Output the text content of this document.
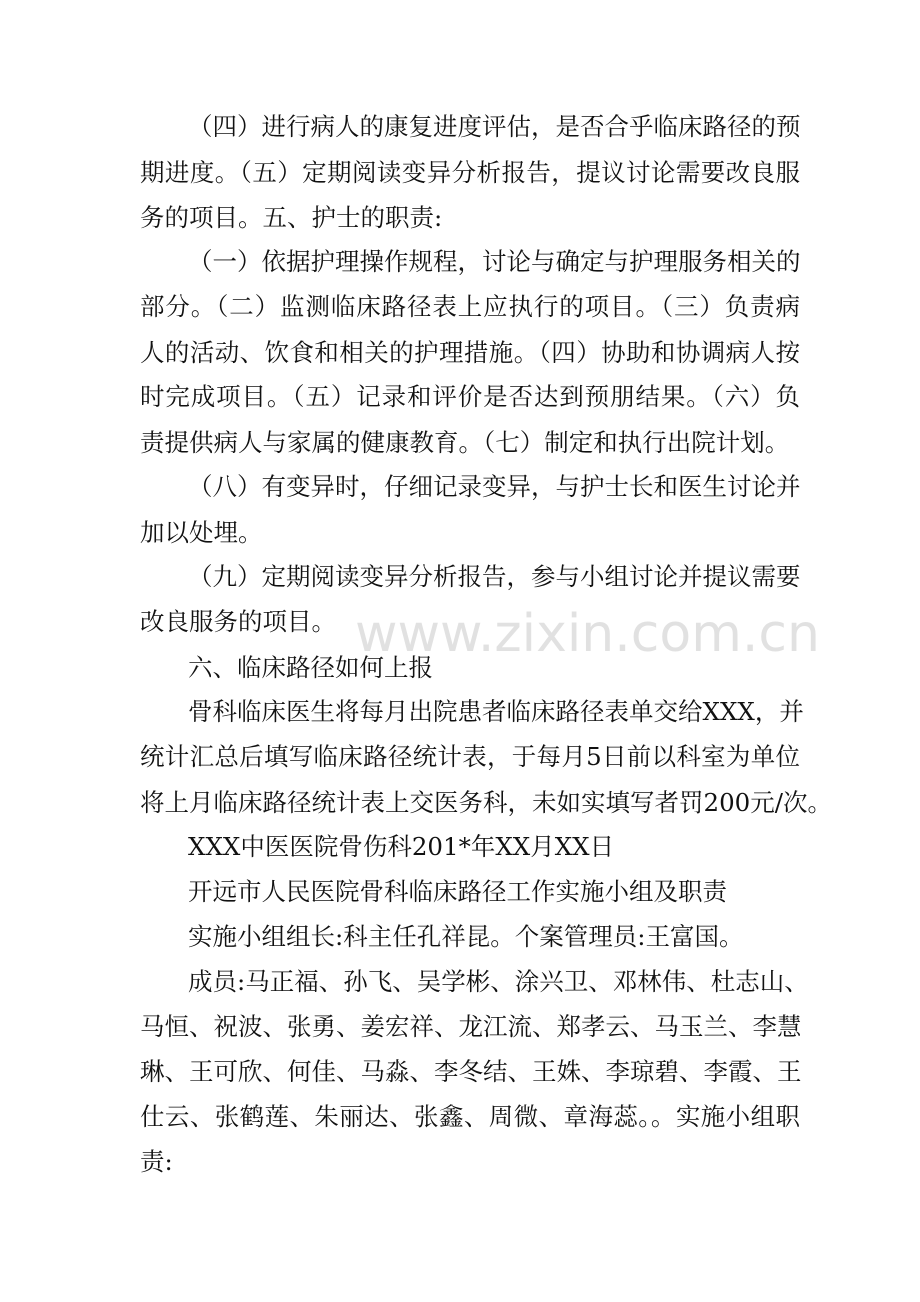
（四）进行病人的康复进度评估，是否合乎临床路径的预
期进度。（五）定期阅读变异分析报告，提议讨论需要改良服
务的项目。五、护士的职责:
（一）依据护理操作规程，讨论与确定与护理服务相关的
部分。（二）监测临床路径表上应执行的项目。（三）负责病
人的活动、饮食和相关的护理措施。（四）协助和协调病人按
时完成项目。（五）记录和评价是否达到预朋结果。（六）负
责提供病人与家属的健康教育。（七）制定和执行出院计划。
（八）有变异时，仔细记录变异，与护士长和医生讨论并
加以处埋。
（九）定期阅读变异分析报告，参与小组讨论并提议需要
改良服务的项目。
六、临床路径如何上报
骨科临床医生将每月出院患者临床路径表单交给XXX，并
统计汇总后填写临床路径统计表，于每月5日前以科室为单位
将上月临床路径统计表上交医务科，未如实填写者罚200元/次。
XXX中医医院骨伤科201*年XX月XX日
开远市人民医院骨科临床路径工作实施小组及职责
实施小组组长:科主任孔祥昆。个案管理员:王富国。
成员:马正福、孙飞、吴学彬、涂兴卫、邓林伟、杜志山、
马恒、祝波、张勇、姜宏祥、龙江流、郑孝云、马玉兰、李慧
琳、王可欣、何佳、马淼、李冬结、王姝、李琼碧、李霞、王
仕云、张鹤莲、朱丽达、张鑫、周微、章海蕊。。实施小组职
责:
www.zixin.com.cn
